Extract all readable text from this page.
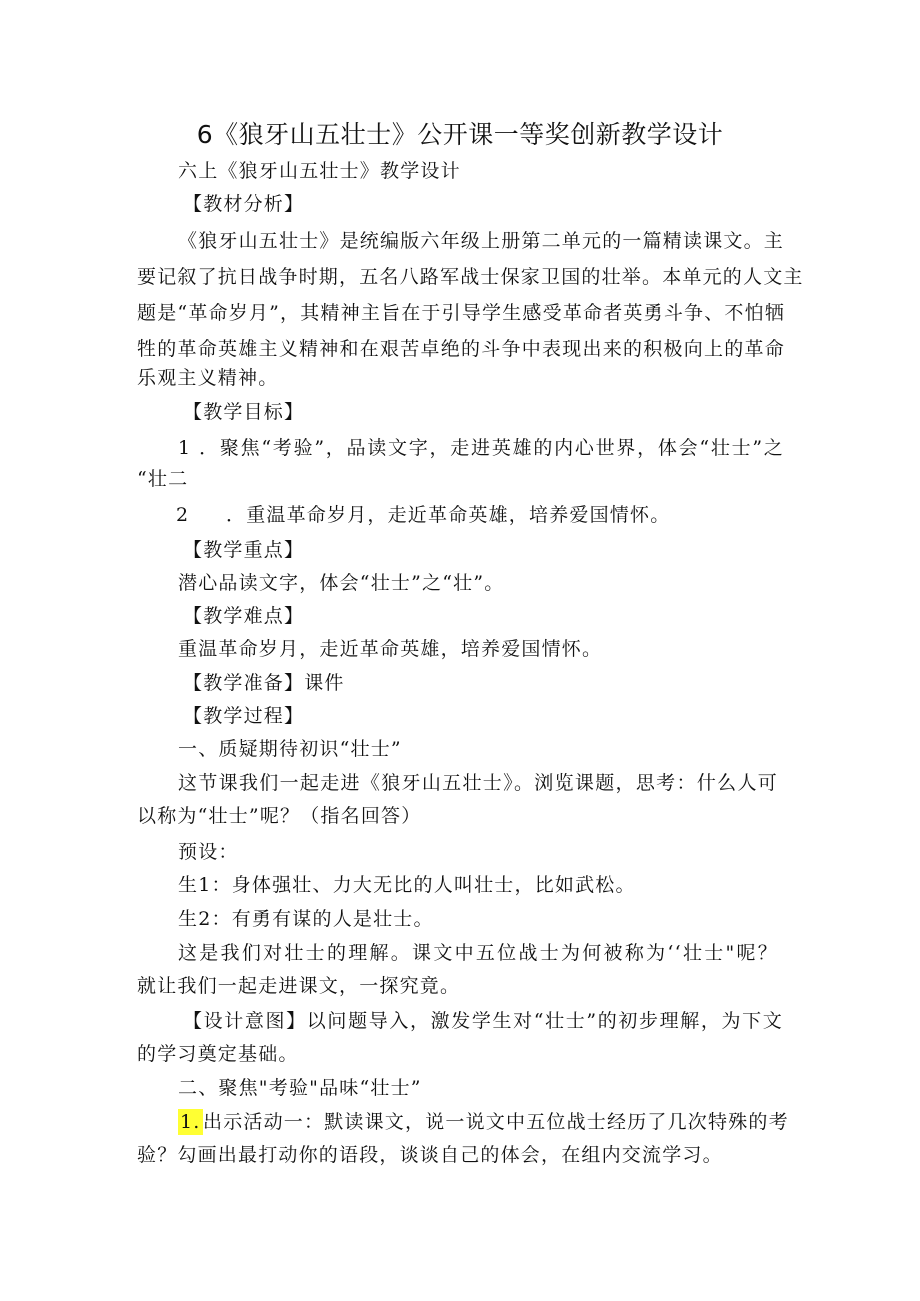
6《狼牙山五壮士》公开课一等奖创新教学设计
六上《狼牙山五壮士》教学设计
【教材分析】
《狼牙山五壮士》是统编版六年级上册第二单元的一篇精读课文。主
要记叙了抗日战争时期，五名八路军战士保家卫国的壮举。本单元的人文主
题是“革命岁月”，其精神主旨在于引导学生感受革命者英勇斗争、不怕牺
牲的革命英雄主义精神和在艰苦卓绝的斗争中表现出来的积极向上的革命
乐观主义精神。
【教学目标】
1 ．聚焦“考验”，品读文字，走进英雄的内心世界，体会“壮士”之
“壮二
2 ．重温革命岁月，走近革命英雄，培养爱国情怀。
【教学重点】
潜心品读文字，体会“壮士”之“壮”。
【教学难点】
重温革命岁月，走近革命英雄，培养爱国情怀。
【教学准备】课件
【教学过程】
一、质疑期待初识“壮士”
这节课我们一起走进《狼牙山五壮士》。浏览课题，思考：什么人可
以称为“壮士”呢？（指名回答）
预设：
生1：身体强壮、力大无比的人叫壮士，比如武松。
生2：有勇有谋的人是壮士。
这是我们对壮士的理解。课文中五位战士为何被称为‘‘壮士"呢？
就让我们一起走进课文，一探究竟。
【设计意图】以问题导入，激发学生对“壮士”的初步理解，为下文
的学习奠定基础。
二、聚焦"考验"品味“壮士”
1. 出示活动一：默读课文，说一说文中五位战士经历了几次特殊的考
验？勾画出最打动你的语段，谈谈自己的体会，在组内交流学习。
